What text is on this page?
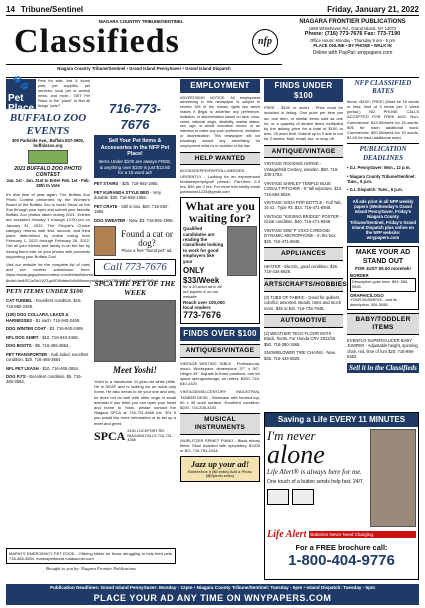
14 Tribune/Sentinel	Friday, January 21, 2022
NIAGARA COUNTRY TRIBUNE/SENTINEL
Classifieds	nfp
Niagara Country Tribune/Sentinel • Grand Island PennySaver • Grand Island Dispatch
NIAGARA FRONTIER PUBLICATIONS
1859 Whitehaven Rd., Grand Island, NY 14072
Phone: (716) 773-7676 Fax: 773-7190
Office Hours: Monday - Thursday 9 am - 5 pm
PLACE ONLINE • BY PHONE • WALK IN
Online with PayPal: wnypapers.com
🐾
Pet Place
Pets for sale, lost & found pets, pet supplies, pet services, local pet or animal news, and more... GET Pet Place in the "place" to find all things "pets"!
BUFFALO ZOO EVENTS
300 Parkside Ave., Buffalo 837-3900, buffalozoo.org
2021 BUFFALO ZOO PHOTO CONTEST
Jan. 1st - Jan. 31st to Enter Feb. 1st - Feb. 28th to Vote
It's that time of year again. The Buffalo Zoo Photo Contest presented by the Women's Board of the Buffalo Zoo is back! Show us the Zoo through your eyes and submit your favorite Buffalo Zoo photos taken during 2021. Entries are accepted January 1 through 12:00 pm on January 31, 2022. The People's Choice category returns with first, second, and third place determined by online voting from February 1, 2022 through February 28, 2022. Get all your friends and family in on the fun by having them vote on your photos with proceeds supporting your Buffalo Zoo!
Visit our website for the complete list of rules and the contest submission form: https://www.gogophotocontest.com/thebuffalozoo?fbclid=IwAR2JzDkUVZ1gv0DlNddw5x5dNkwacyoHhga1YH7BPGgFoEsUpVDVfHFn4
PETS ITEMS UNDER $100
CAT TUNNEL - Excellent condition. $15. 716-960-2469.
(100) DOG COLLARS, LEADS & HARNESSES - $1 each. 716-940-2469.
DOG WINTER COAT - $3. 716-940-2469.
NFL DOG SHIRT - $10. 716-940-2469.
DOG BOOTS - $5. 716-465-3654.
PET TRANSPORTER - Sub sided, excellent condition. $20. 716-465-3654.
NFL PET LEASH - $10. 716-465-3654.
DOG PJ'S - Excellent condition. $5. 716-465-3654.
716-773-7676
Sell Your Pet Items & Accessories in the NFP Pet Place!
Items Under $100 are always FREE, & anything over $100 is just $13.50 for a 15 word ad!
PET STAIRS - $25. 716-692-1955.
PET KURANDA STYLE BED - Very durable. $30. 716-692-1955.
PET CRATE - Still in box. $20. 716-692-1955.
DOG SWEATER - New. $3. 716-692-1955.
Found a cat or dog?
Place a free "found pet" ad.
Call 773-7676
SPCA THE PET OF THE WEEK
Meet Yoshi!
Yoshi is a handsome 11-year-old white pittie. He is DEAF and is looking for an adult only home. He also needs to be your one and only, he does not do well with other dogs or small animals! If you think you can open your heart and home to Yoshi, please contact the Niagara SPCA at 716-731-4368 ext. 301 if you would like more information or to set up a meet and greet.
SPCA 2100 LOCKPORT RD. NIAGARA FALLS 716-731-4368
EMPLOYMENT
ADVERTISING NOTICE: All employment advertising in this newspaper is subject to section 296 of the human rights law which makes it illegal to advertise any preference, limitation, or discrimination based on race, color, creed, national origin, disability, marital status, sex, age, or arrest conviction record, or an intention to make any such preference, limitation or discrimination. This newspaper will not knowingly accept any advertising for employment which is in violation of the law.
HELP WANTED
BOOKKEEPER/PAYROLL/NEEDED URGENTLY - Looking for an experienced bookkeeper/payroll person. Part-time 2-3 hrs. $30 per 2 hrs. For more info kindly email jumieanne1233@gmail.com
What are you waiting for?
Qualified candidates are reading the classifieds looking to work for good employers like you!
ONLY $33/Week
for a 10-word ad in all our papers & on our website
Reach over 100,000 local readers
773-7676
FINDS OVER $100
ANTIQUES/VINTAGE
VINTAGE WRITING TABLE - Professional, wood. Workspace dimensions 37" x 50". Height 43". Adjusts to three positions, one for space springs/storage, on rollers. $200. 716-640-4320.
VINTAGE/MID-CENTURY INDUSTRIAL TANKER DESK - Steelcase with formica top, 60 x 30 work surface. Excellent condition. $200. 716-208-3153.
MUSICAL INSTRUMENTS
WURLITZER SPINET PIANO - Black ebony finish. Stool included with upholstery. $1200 or BO. 716-754-2244.
Jazz up your ad!
Border/box it ($5 extra) Add a Photo ($5/photo extra)
FINDS UNDER $100
FREE - $100 or under - Price must be included in listing. One price per item per ad, one item, or similar items sold as one lot, or a quantity of similar items multiplied by the asking price for a total of $100 or less. 25 word limit. Submit up to 3 ads to run for 2 weeks. Mail, email, fax, or drop off.
ANTIQUE/VINTAGE
VINTAGE ROCKING HORSE - Vintage/Mid Century, wooden. $60. 716-208-1753.
VINTAGE SHIRLEY TEMPLE BLUE COBALT PITCHER - 6" tall w/picture. $10. 716-694-6520.
VINTAGE SODA POP BOTTLE - Full Tab, 16 oz., Type #2. $14. 716-471-6948.
VINTAGE "KISSING BRIDGE" POSTER - Great condition. $40. 716-471-6948.
VINTAGE 50W' P VSX3 CARDIOID DYNAMIC MICROPHONE - In the box. $25. 716-471-6948.
APPLIANCES
HEATER - Electric, good condition. $25. 716-434-5825.
ARTS/CRAFTS/HOBBIES
(3) TUBS OF FABRIC - Good for quilters, colorful, assorted. Beads, trims and much more. $45 or BO. 716-725-7945.
AUTOMOTIVE
(2) WEATHER TECH FLOOR MATS - Black, fronts. For Honda CRV 2012/16. $50. 716-380-1965.
SNOWBLOWER TIRE CHAINS - New. $35. 716-434-5825.
NFP CLASSIFIED RATES
Items <$100: FREE! (Must be 15 words or less, limit of 3 items per 2 week period.) NO PHONE CALLS ACCEPTED FOR FREE ADS. Non-Commercial: $13.50/week for 15 words. 50¢ for each additional word. Commercial: $20.50/week for 15 words, $1.00 for each additional word.
PUBLICATION DEADLINES
• G.I. PennySaver: Mon., 12 p.m.
• Niagara County Tribune/Sentinel: Tues., 5 p.m.
• G.I. Dispatch: Tues., 5 p.m.
All ads print in all NFP weekly papers (Wednesday's Grand Island PennySaver, Friday's Niagara County Tribune/Sentinel, Friday's Grand Island Dispatch plus online on the NFP website: wnypapers.com
MAKE YOUR AD STAND OUT
FOR JUST $5.00 more/wk!
BORDER
Description goes here. $99. 555-5555.
GRAPHIC/LOGO
YOUR BUSINESS - and its description. 555-5555.
BABY/TODDLER ITEMS
EVENFLO SUPERSAUCER BABY JUMPER - Adjustable height, spinning chair, red, lime of fun! $20. 716-998-5452.
Sell it in the Classifieds
MARIO'S EMERGENCY PET FOOD - Offering kibble for those struggling to help feed pets. 716-465-3654. marioapetfoodd roadsunner.com
Brought to you by: Niagara Frontier Publications
Saving a Life EVERY 11 MINUTES
I'm never
alone
Life Alert® is always here for me.
One touch of a button sends help fast, 24/7.
Life Alert Batteries Never Need Charging.
For a FREE brochure call:
1-800-404-9776
Publication Deadlines: Grand Island PennySaver: Monday - 12pm • Niagara County Tribune/Sentinel: Tuesday - 5pm • Island Dispatch: Tuesday - 5pm
PLACE YOUR AD ANY TIME ON WNYPAPERS.COM
